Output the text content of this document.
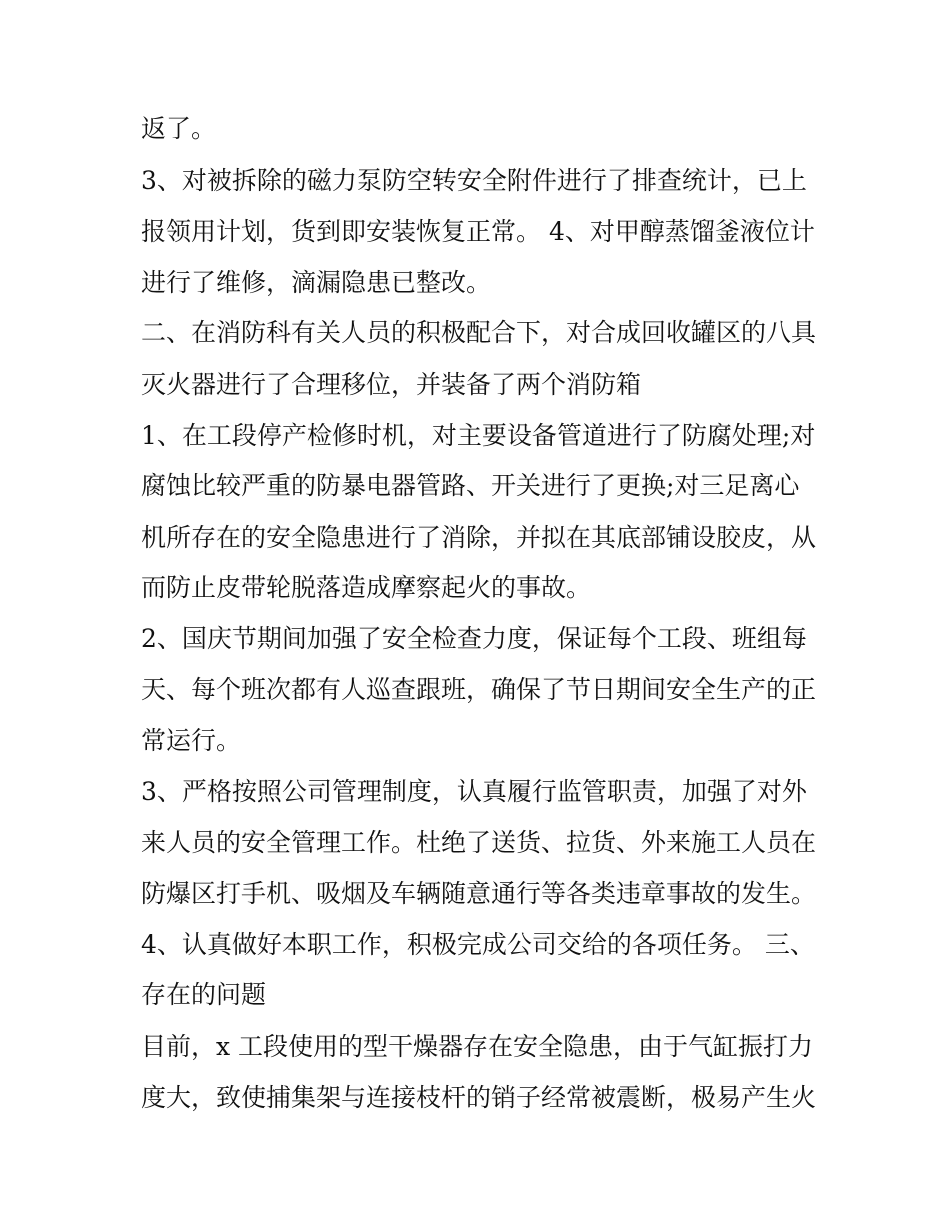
返了。

3、对被拆除的磁力泵防空转安全附件进行了排查统计，已上

报领用计划，货到即安装恢复正常。 4、对甲醇蒸馏釜液位计

进行了维修，滴漏隐患已整改。

二、在消防科有关人员的积极配合下，对合成回收罐区的八具

灭火器进行了合理移位，并装备了两个消防箱

1、在工段停产检修时机，对主要设备管道进行了防腐处理;对

腐蚀比较严重的防暴电器管路、开关进行了更换;对三足离心

机所存在的安全隐患进行了消除，并拟在其底部铺设胶皮，从

而防止皮带轮脱落造成摩察起火的事故。

2、国庆节期间加强了安全检查力度，保证每个工段、班组每

天、每个班次都有人巡查跟班，确保了节日期间安全生产的正

常运行。

3、严格按照公司管理制度，认真履行监管职责，加强了对外

来人员的安全管理工作。杜绝了送货、拉货、外来施工人员在

防爆区打手机、吸烟及车辆随意通行等各类违章事故的发生。

4、认真做好本职工作，积极完成公司交给的各项任务。 三、

存在的问题

目前，x 工段使用的型干燥器存在安全隐患，由于气缸振打力

度大，致使捕集架与连接枝杆的销子经常被震断，极易产生火
